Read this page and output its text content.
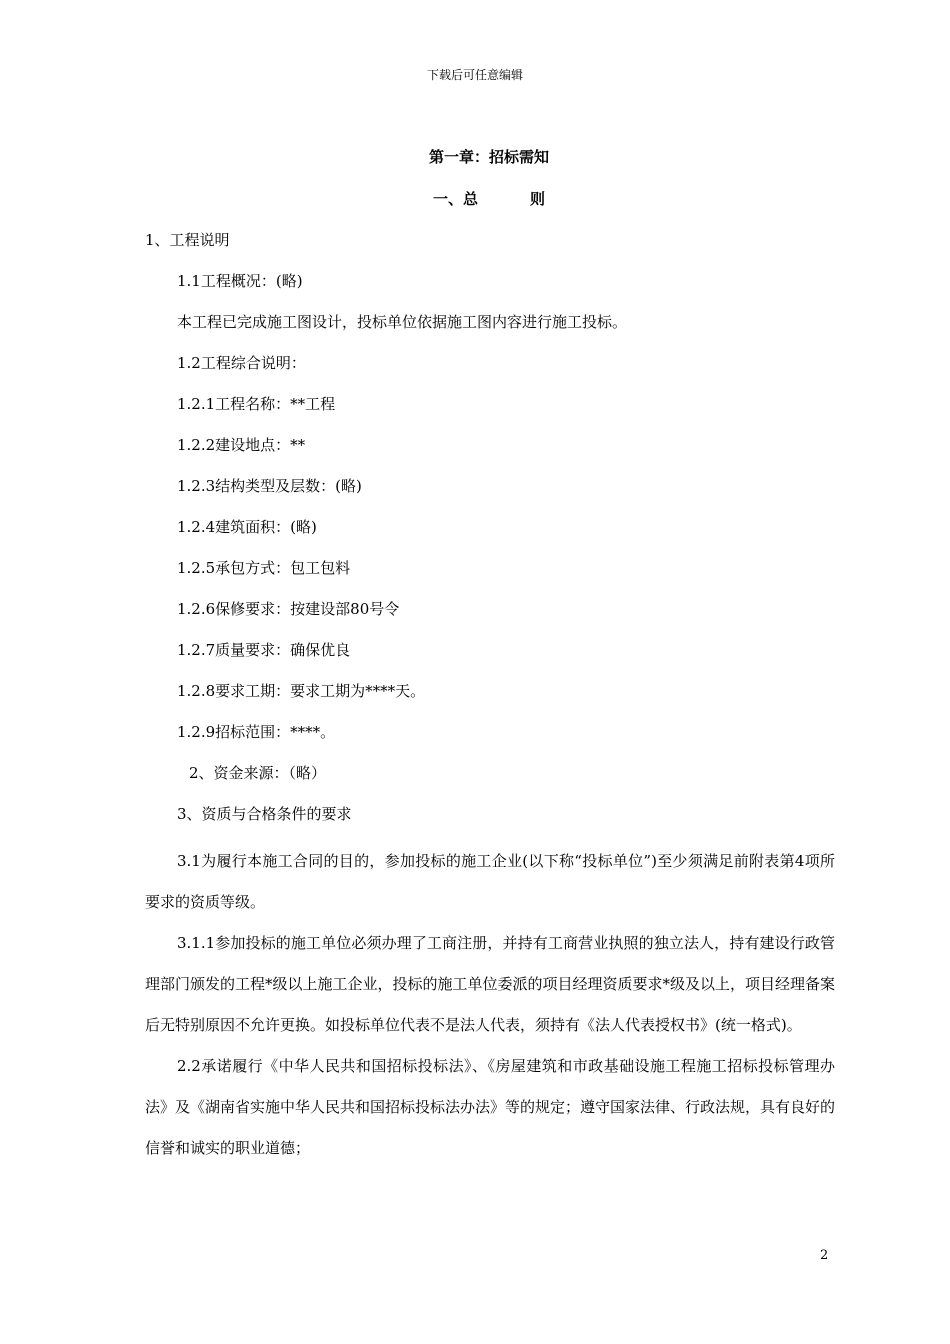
下载后可任意编辑
第一章：招标需知
一、总	则
1、工程说明
1.1工程概况：(略)
本工程已完成施工图设计，投标单位依据施工图内容进行施工投标。
1.2工程综合说明：
1.2.1工程名称：**工程
1.2.2建设地点：**
1.2.3结构类型及层数：(略)
1.2.4建筑面积：(略)
1.2.5承包方式：包工包料
1.2.6保修要求：按建设部80号令
1.2.7质量要求：确保优良
1.2.8要求工期：要求工期为****天。
1.2.9招标范围：****。
2、资金来源：（略）
3、资质与合格条件的要求
3.1为履行本施工合同的目的，参加投标的施工企业(以下称“投标单位”)至少须满足前附表第4项所要求的资质等级。
3.1.1参加投标的施工单位必须办理了工商注册，并持有工商营业执照的独立法人，持有建设行政管理部门颁发的工程*级以上施工企业，投标的施工单位委派的项目经理资质要求*级及以上，项目经理备案后无特别原因不允许更换。如投标单位代表不是法人代表，须持有《法人代表授权书》(统一格式)。
2.2承诺履行《中华人民共和国招标投标法》、《房屋建筑和市政基础设施工程施工招标投标管理办法》及《湖南省实施中华人民共和国招标投标法办法》等的规定；遵守国家法律、行政法规，具有良好的信誉和诚实的职业道德；
2
